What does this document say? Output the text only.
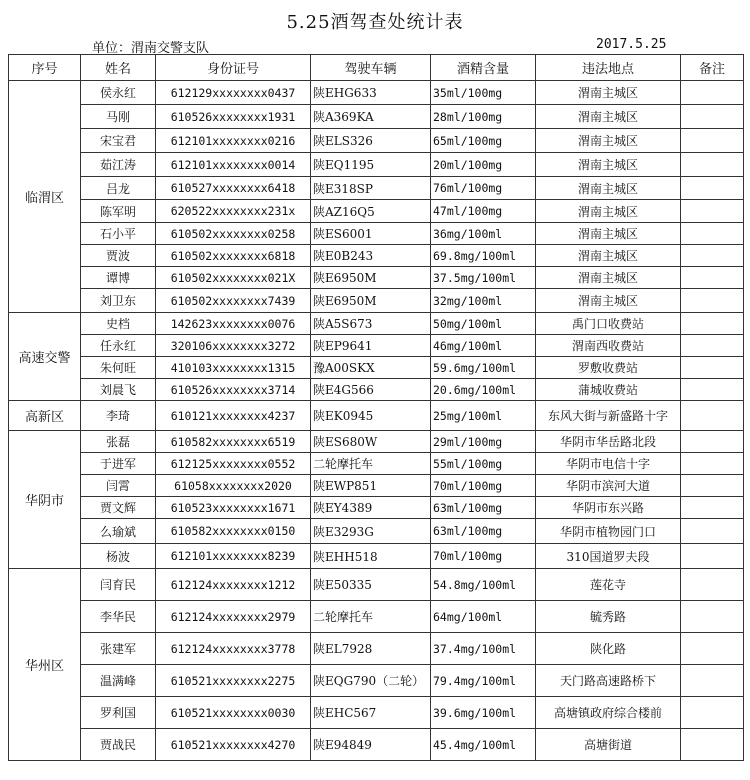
5.25酒驾查处统计表
单位：渭南交警支队	2017.5.25
序号	姓名	身份证号	驾驶车辆	酒精含量	违法地点	备注
临渭区	侯永红	612129xxxxxxxx0437	陕EHG633	35ml/100mg	渭南主城区	
	马刚	610526xxxxxxxx1931	陕A369KA	28ml/100mg	渭南主城区	
	宋宝君	612101xxxxxxxx0216	陕ELS326	65ml/100mg	渭南主城区	
	茹江涛	612101xxxxxxxx0014	陕EQ1195	20ml/100mg	渭南主城区	
	吕龙	610527xxxxxxxx6418	陕E318SP	76ml/100mg	渭南主城区	
	陈军明	620522xxxxxxxx231x	陕AZ16Q5	47ml/100mg	渭南主城区	
	石小平	610502xxxxxxxx0258	陕ES6001	36mg/100ml	渭南主城区	
	贾波	610502xxxxxxxx6818	陕E0B243	69.8mg/100ml	渭南主城区	
	谭博	610502xxxxxxxx021X	陕E6950M	37.5mg/100ml	渭南主城区	
	刘卫东	610502xxxxxxxx7439	陕E6950M	32mg/100ml	渭南主城区	
高速交警	史档	142623xxxxxxxx0076	陕A5S673	50mg/100ml	禹门口收费站	
	任永红	320106xxxxxxxx3272	陕EP9641	46mg/100ml	渭南西收费站	
	朱何旺	410103xxxxxxxx1315	豫A00SKX	59.6mg/100ml	罗敷收费站	
	刘晨飞	610526xxxxxxxx3714	陕E4G566	20.6mg/100ml	蒲城收费站	
高新区	李琦	610121xxxxxxxx4237	陕EK0945	25mg/100ml	东风大街与新盛路十字	
华阴市	张磊	610582xxxxxxxx6519	陕ES680W	29ml/100mg	华阴市华岳路北段	
	于进军	612125xxxxxxxx0552	二轮摩托车	55ml/100mg	华阴市电信十字	
	闫霄	61058xxxxxxxx2020	陕EWP851	70ml/100mg	华阴市滨河大道	
	贾文辉	610523xxxxxxxx1671	陕EY4389	63ml/100mg	华阴市东兴路	
	么瑜斌	610582xxxxxxxx0150	陕E3293G	63ml/100mg	华阴市植物园门口	
	杨波	612101xxxxxxxx8239	陕EHH518	70ml/100mg	310国道罗夫段	
华州区	闫育民	612124xxxxxxxx1212	陕E50335	54.8mg/100ml	莲花寺	
	李华民	612124xxxxxxxx2979	二轮摩托车	64mg/100ml	毓秀路	
	张建军	612124xxxxxxxx3778	陕EL7928	37.4mg/100ml	陕化路	
	温满峰	610521xxxxxxxx2275	陕EQG790（二轮）	79.4mg/100ml	天门路高速路桥下	
	罗利国	610521xxxxxxxx0030	陕EHC567	39.6mg/100ml	高塘镇政府综合楼前	
	贾战民	610521xxxxxxxx4270	陕E94849	45.4mg/100ml	高塘街道	
